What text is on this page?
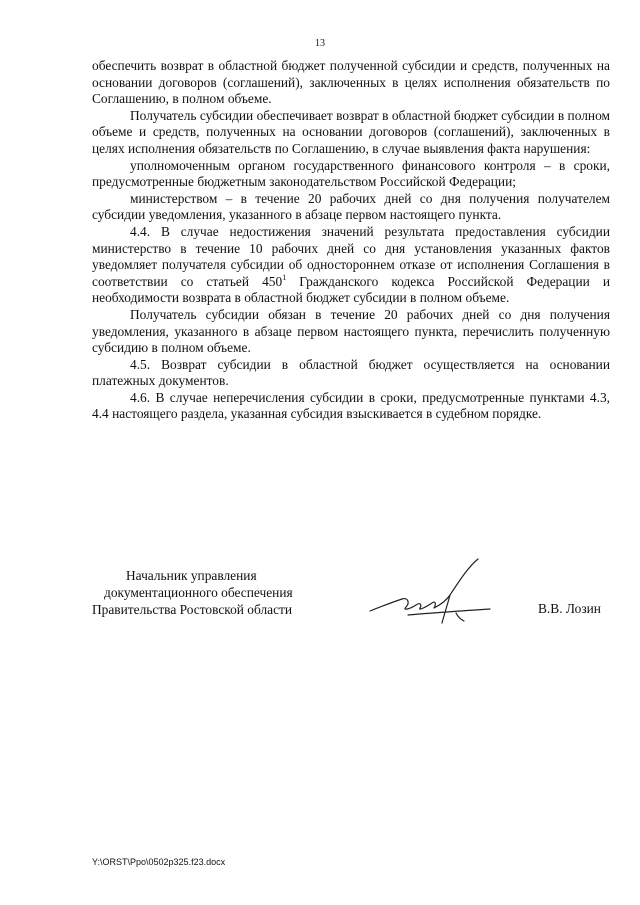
13

обеспечить возврат в областной бюджет полученной субсидии и средств, полученных на основании договоров (соглашений), заключенных в целях исполнения обязательств по Соглашению, в полном объеме.

Получатель субсидии обеспечивает возврат в областной бюджет субсидии в полном объеме и средств, полученных на основании договоров (соглашений), заключенных в целях исполнения обязательств по Соглашению, в случае выявления факта нарушения:

уполномоченным органом государственного финансового контроля – в сроки, предусмотренные бюджетным законодательством Российской Федерации;

министерством – в течение 20 рабочих дней со дня получения получателем субсидии уведомления, указанного в абзаце первом настоящего пункта.

4.4. В случае недостижения значений результата предоставления субсидии министерство в течение 10 рабочих дней со дня установления указанных фактов уведомляет получателя субсидии об одностороннем отказе от исполнения Соглашения в соответствии со статьей $450^1$ Гражданского кодекса Российской Федерации и необходимости возврата в областной бюджет субсидии в полном объеме.

Получатель субсидии обязан в течение 20 рабочих дней со дня получения уведомления, указанного в абзаце первом настоящего пункта, перечислить полученную субсидию в полном объеме.

4.5. Возврат субсидии в областной бюджет осуществляется на основании платежных документов.

4.6. В случае неперечисления субсидии в сроки, предусмотренные пунктами 4.3, 4.4 настоящего раздела, указанная субсидия взыскивается в судебном порядке.

Начальник управления
документационного обеспечения
Правительства Ростовской области	В.В. Лозин
Y:\ORST\Ppo\0502p325.f23.docx
